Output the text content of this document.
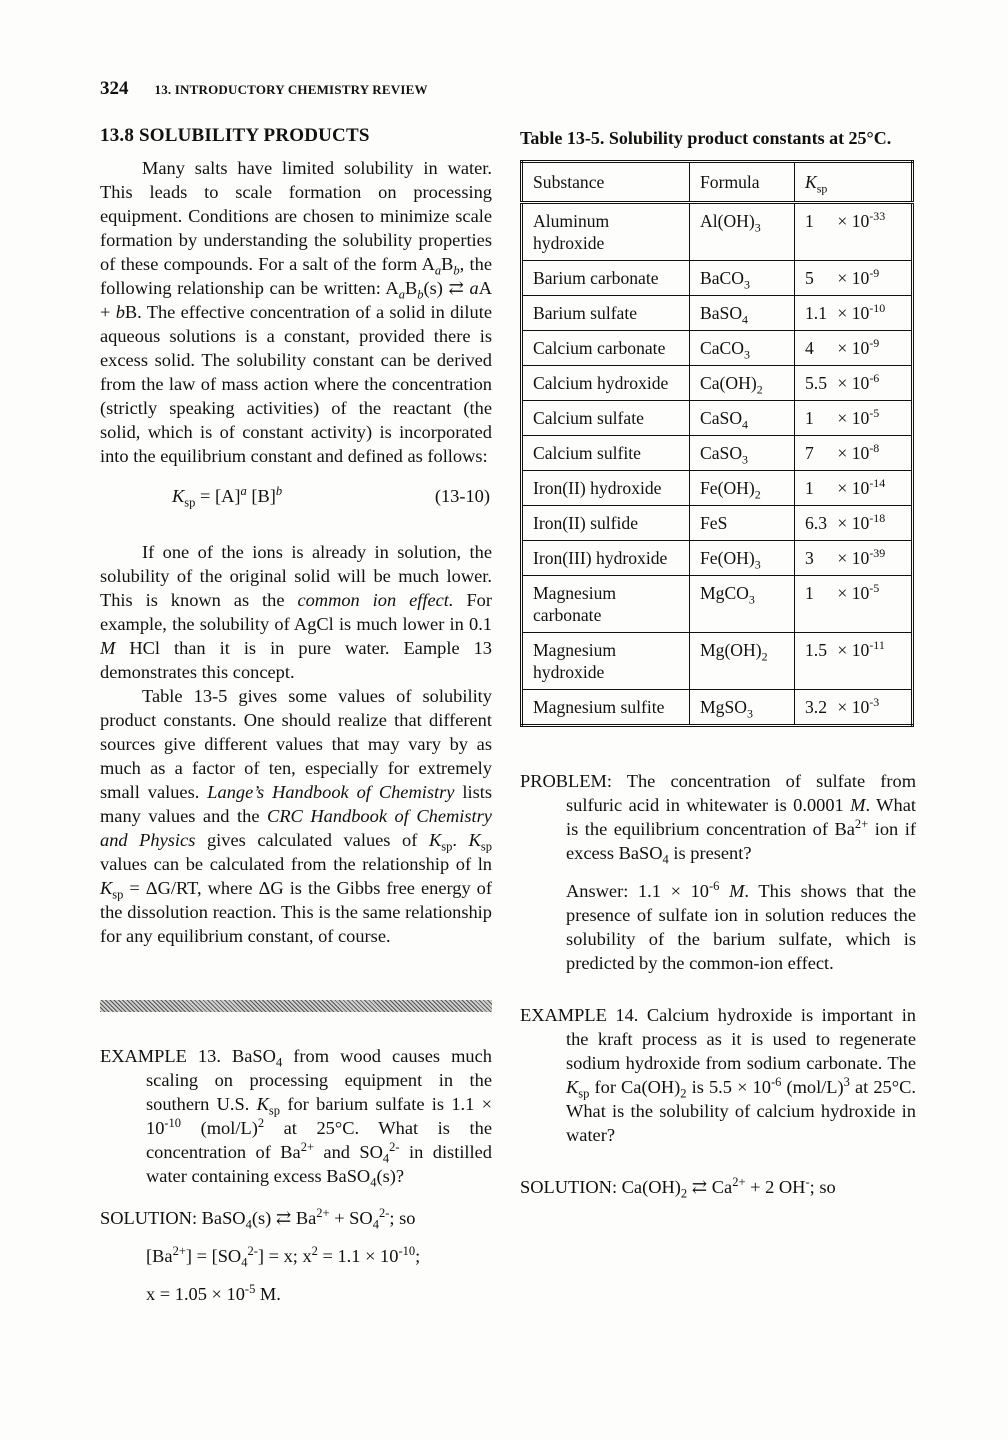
324 13. INTRODUCTORY CHEMISTRY REVIEW
13.8 SOLUBILITY PRODUCTS

Many salts have limited solubility in water. This leads to scale formation on processing equipment. Conditions are chosen to minimize scale formation by understanding the solubility properties of these compounds. For a salt of the form $A_aB_b$, the following relationship can be written: $A_aB_b(s)$ ⇄ aA + bB. The effective concentration of a solid in dilute aqueous solutions is a constant, provided there is excess solid. The solubility constant can be derived from the law of mass action where the concentration (strictly speaking activities) of the reactant (the solid, which is of constant activity) is incorporated into the equilibrium constant and defined as follows:

$K_{sp} = [A]^a$ $[B]^b$	(13-10)

If one of the ions is already in solution, the solubility of the original solid will be much lower. This is known as the common ion effect. For example, the solubility of AgCl is much lower in 0.1 M HCl than it is in pure water. Eample 13 demonstrates this concept.

Table 13-5 gives some values of solubility product constants. One should realize that different sources give different values that may vary by as much as a factor of ten, especially for extremely small values. Lange’s Handbook of Chemistry lists many values and the CRC Handbook of Chemistry and Physics gives calculated values of $K_{sp}$. $K_{sp}$ values can be calculated from the relationship of $\ln K_{sp} = \Delta G/RT$, where ΔG is the Gibbs free energy of the dissolution reaction. This is the same relationship for any equilibrium constant, of course.

EXAMPLE 13. BaSO$_4$ from wood causes much scaling on processing equipment in the southern U.S. $K_{sp}$ for barium sulfate is $1.1 \times 10^{-10}$ $(mol/L)^2$ at 25°C. What is the concentration of $Ba^{2+}$ and $SO_4^{2-}$ in distilled water containing excess BaSO$_4$(s)?

SOLUTION: BaSO$_4$(s) ⇄ $Ba^{2+} + SO_4^{2-}$; so

$[Ba^{2+}] = [SO_4^{2-}] = x$; $x^2 = 1.1 \times 10^{-10}$;

$x = 1.05 \times 10^{-5}$ M.

Table 13-5. Solubility product constants at 25°C.
Substance	Formula	$K_{sp}$
Aluminum hydroxide	$Al(OH)_3$	$1 \times 10^{-33}$
Barium carbonate	BaCO$_3$	$5 \times 10^{-9}$
Barium sulfate	BaSO$_4$	$1.1 \times 10^{-10}$
Calcium carbonate	CaCO$_3$	$4 \times 10^{-9}$
Calcium hydroxide	$Ca(OH)_2$	$5.5 \times 10^{-6}$
Calcium sulfate	CaSO$_4$	$1 \times 10^{-5}$
Calcium sulfite	CaSO$_3$	$7 \times 10^{-8}$
Iron(II) hydroxide	$Fe(OH)_2$	$1 \times 10^{-14}$
Iron(II) sulfide	FeS	$6.3 \times 10^{-18}$
Iron(III) hydroxide	$Fe(OH)_3$	$3 \times 10^{-39}$
Magnesium carbonate	MgCO$_3$	$1 \times 10^{-5}$
Magnesium hydroxide	$Mg(OH)_2$	$1.5 \times 10^{-11}$
Magnesium sulfite	MgSO$_3$	$3.2 \times 10^{-3}$

PROBLEM: The concentration of sulfate from sulfuric acid in whitewater is 0.0001 M. What is the equilibrium concentration of $Ba^{2+}$ ion if excess BaSO$_4$ is present?

Answer: $1.1 \times 10^{-6}$ M. This shows that the presence of sulfate ion in solution reduces the solubility of the barium sulfate, which is predicted by the common-ion effect.

EXAMPLE 14. Calcium hydroxide is important in the kraft process as it is used to regenerate sodium hydroxide from sodium carbonate. The $K_{sp}$ for $Ca(OH)_2$ is $5.5 \times 10^{-6}$ $(mol/L)^3$ at 25°C. What is the solubility of calcium hydroxide in water?

SOLUTION: $Ca(OH)_2$ ⇄ $Ca^{2+} + 2$ OH-; so
